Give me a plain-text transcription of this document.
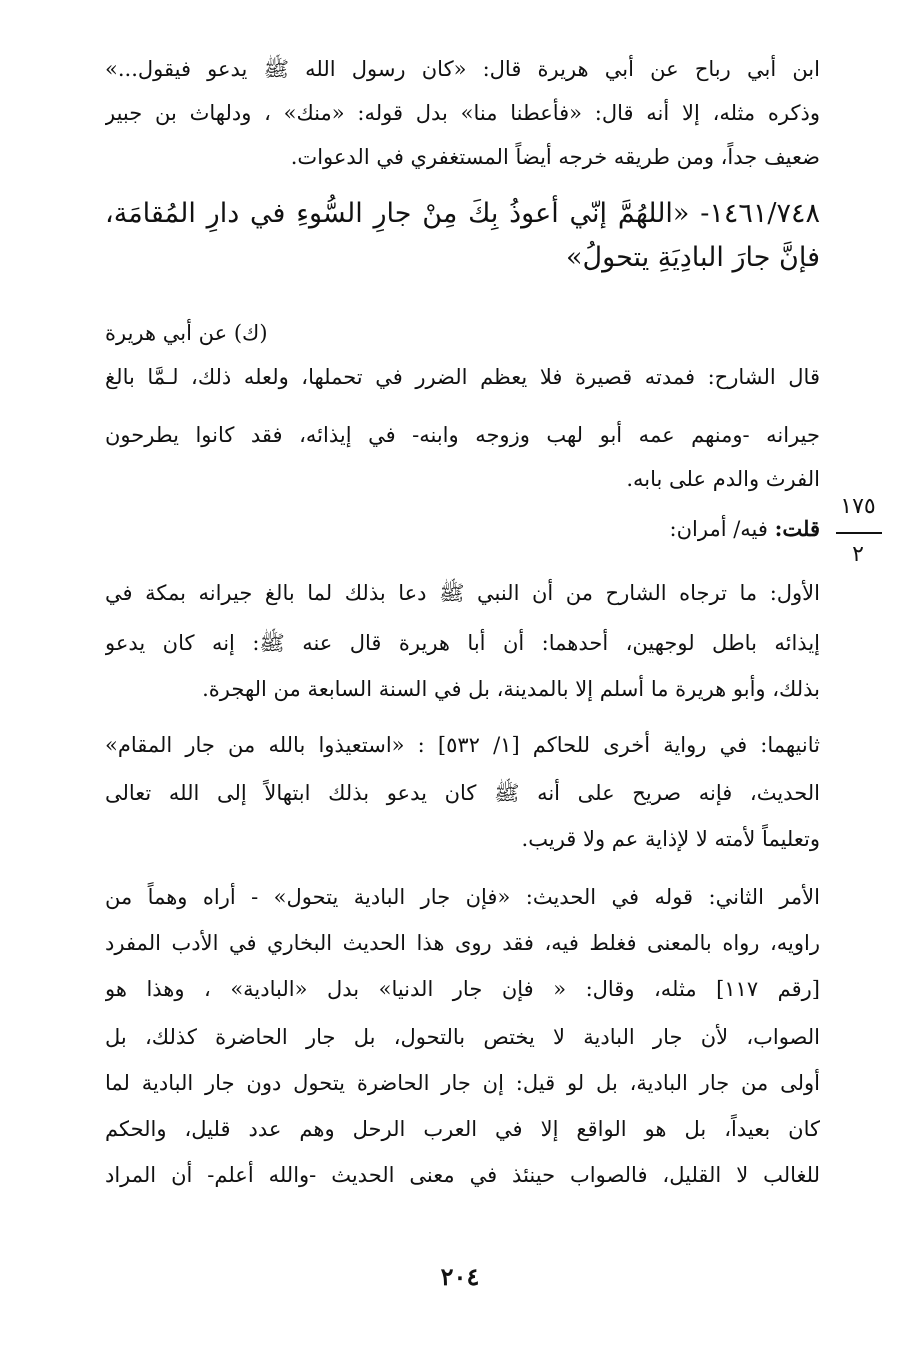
ابن أبي رباح عن أبي هريرة قال: «كان رسول الله ﷺ يدعو فيقول...»
وذكره مثله، إلا أنه قال: «فأعطنا منا» بدل قوله: «منك» ، ودلهاث بن جبير
ضعيف جداً، ومن طريقه خرجه أيضاً المستغفري في الدعوات.
١٤٦١/٧٤٨- «اللهُمَّ إنّي أعوذُ بِكَ مِنْ جارِ السُّوءِ في دارِ المُقامَة،
فإنَّ جارَ البادِيَةِ يتحولُ»
(ك) عن أبي هريرة
قال الشارح: فمدته قصيرة فلا يعظم الضرر في تحملها، ولعله ذلك، لـمَّا بالغ
جيرانه -ومنهم عمه أبو لهب وزوجه وابنه- في إيذائه، فقد كانوا يطرحون
الفرث والدم على بابه.
١٧٥
٢
قلت: فيه/ أمران:
الأول: ما ترجاه الشارح من أن النبي ﷺ دعا بذلك لما بالغ جيرانه بمكة في
إيذائه باطل لوجهين، أحدهما: أن أبا هريرة قال عنه ﷺ: إنه كان يدعو
بذلك، وأبو هريرة ما أسلم إلا بالمدينة، بل في السنة السابعة من الهجرة.
ثانيهما: في رواية أخرى للحاكم [١/ ٥٣٢] : «استعيذوا بالله من جار المقام»
الحديث، فإنه صريح على أنه ﷺ كان يدعو بذلك ابتهالاً إلى الله تعالى
وتعليماً لأمته لا لإذاية عم ولا قريب.
الأمر الثاني: قوله في الحديث: «فإن جار البادية يتحول» - أراه وهماً من
راويه، رواه بالمعنى فغلط فيه، فقد روى هذا الحديث البخاري في الأدب المفرد
[رقم ١١٧] مثله، وقال: « فإن جار الدنيا» بدل «البادية» ، وهذا هو
الصواب، لأن جار البادية لا يختص بالتحول، بل جار الحاضرة كذلك، بل
أولى من جار البادية، بل لو قيل: إن جار الحاضرة يتحول دون جار البادية لما
كان بعيداً، بل هو الواقع إلا في العرب الرحل وهم عدد قليل، والحكم
للغالب لا القليل، فالصواب حينئذ في معنى الحديث -والله أعلم- أن المراد
٢٠٤
